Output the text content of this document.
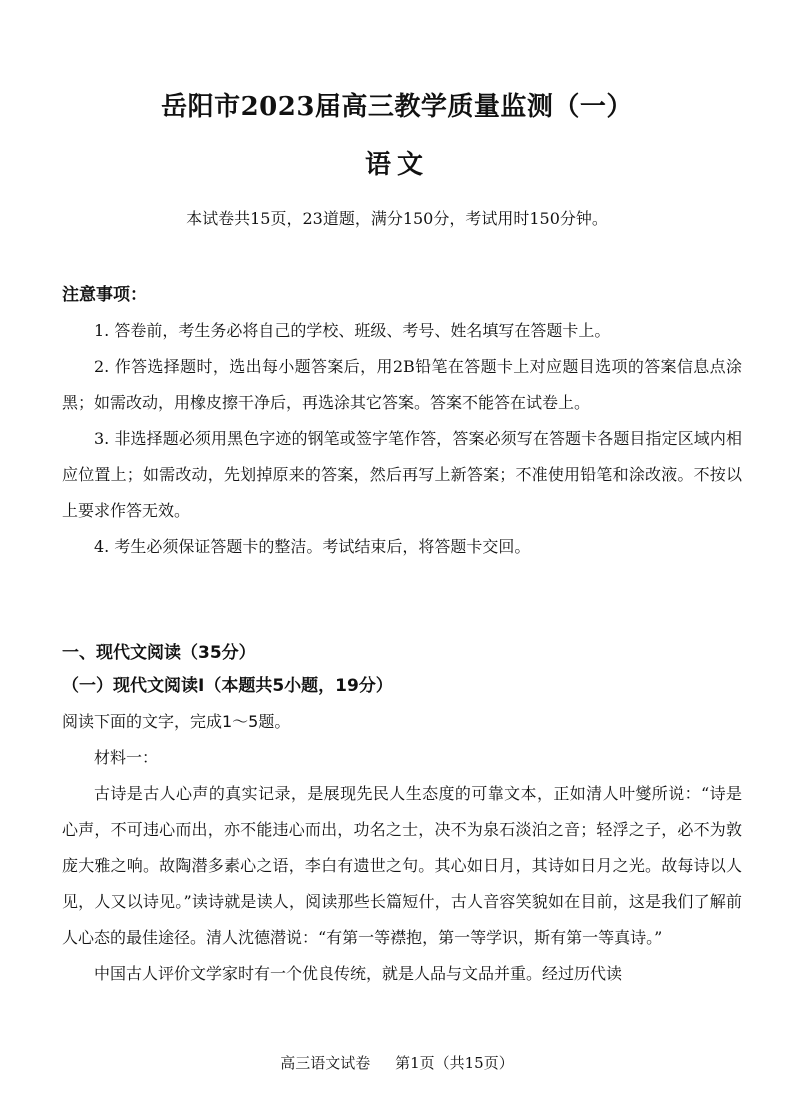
岳阳市2023届高三教学质量监测（一）
语文
本试卷共15页，23道题，满分150分，考试用时150分钟。
注意事项：

1. 答卷前，考生务必将自己的学校、班级、考号、姓名填写在答题卡上。

2. 作答选择题时，选出每小题答案后，用2B铅笔在答题卡上对应题目选项的答案信息点涂黑；如需改动，用橡皮擦干净后，再选涂其它答案。答案不能答在试卷上。

3. 非选择题必须用黑色字迹的钢笔或签字笔作答，答案必须写在答题卡各题目指定区域内相应位置上；如需改动，先划掉原来的答案，然后再写上新答案；不准使用铅笔和涂改液。不按以上要求作答无效。

4. 考生必须保证答题卡的整洁。考试结束后，将答题卡交回。

一、现代文阅读（35分）
（一）现代文阅读Ⅰ（本题共5小题，19分）
阅读下面的文字，完成1～5题。
材料一：

古诗是古人心声的真实记录，是展现先民人生态度的可靠文本，正如清人叶燮所说：“诗是心声，不可违心而出，亦不能违心而出，功名之士，决不为泉石淡泊之音；轻浮之子，必不为敦庞大雅之响。故陶潜多素心之语，李白有遗世之句。其心如日月，其诗如日月之光。故每诗以人见，人又以诗见。”读诗就是读人，阅读那些长篇短什，古人音容笑貌如在目前，这是我们了解前人心态的最佳途径。清人沈德潜说：“有第一等襟抱，第一等学识，斯有第一等真诗。”

中国古人评价文学家时有一个优良传统，就是人品与文品并重。经过历代读

高三语文试卷 第1页（共15页）
